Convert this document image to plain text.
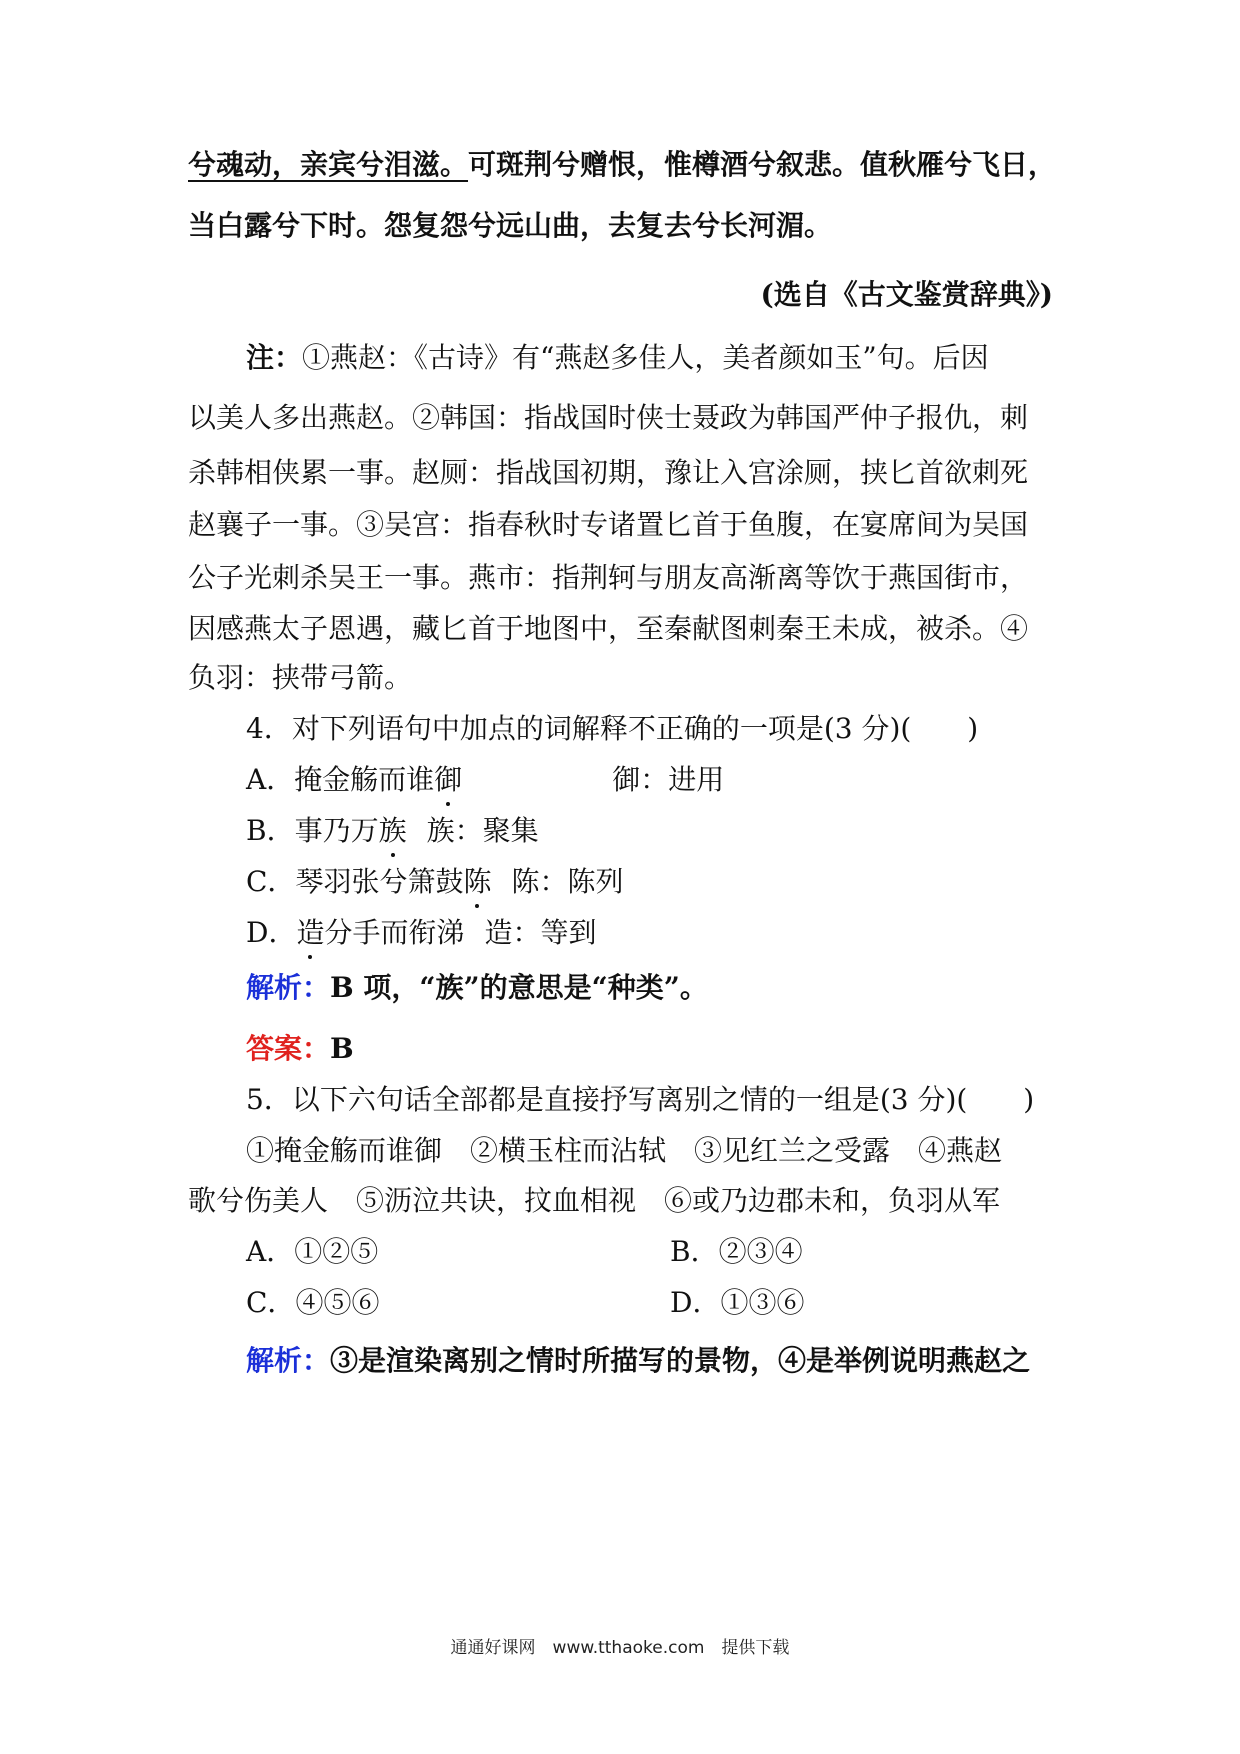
兮魂动，亲宾兮泪滋。可斑荆兮赠恨，惟樽酒兮叙悲。值秋雁兮飞日，
当白露兮下时。怨复怨兮远山曲，去复去兮长河湄。
(选自《古文鉴赏辞典》)
注：①燕赵：《古诗》有“燕赵多佳人，美者颜如玉”句。后因
以美人多出燕赵。②韩国：指战国时侠士聂政为韩国严仲子报仇，刺
杀韩相侠累一事。赵厕：指战国初期，豫让入宫涂厕，挟匕首欲刺死
赵襄子一事。③吴宫：指春秋时专诸置匕首于鱼腹，在宴席间为吴国
公子光刺杀吴王一事。燕市：指荆轲与朋友高渐离等饮于燕国街市，
因感燕太子恩遇，藏匕首于地图中，至秦献图刺秦王未成，被杀。④
负羽：挟带弓箭。
4．对下列语句中加点的词解释不正确的一项是(3 分)(　　)
A．掩金觞而谁御	御：进用
B．事乃万族 族：聚集
C．琴羽张兮箫鼓陈 陈：陈列
D．造分手而衔涕 造：等到
解析：B 项，“族”的意思是“种类”。
答案：B
5．以下六句话全部都是直接抒写离别之情的一组是(3 分)(　　)
①掩金觞而谁御　②横玉柱而沾轼　③见红兰之受露　④燕赵
歌兮伤美人　⑤沥泣共诀，抆血相视　⑥或乃边郡未和，负羽从军
A．①②⑤	B．②③④
C．④⑤⑥	D．①③⑥
解析：③是渲染离别之情时所描写的景物，④是举例说明燕赵之
通通好课网　www.tthaoke.com　提供下载
